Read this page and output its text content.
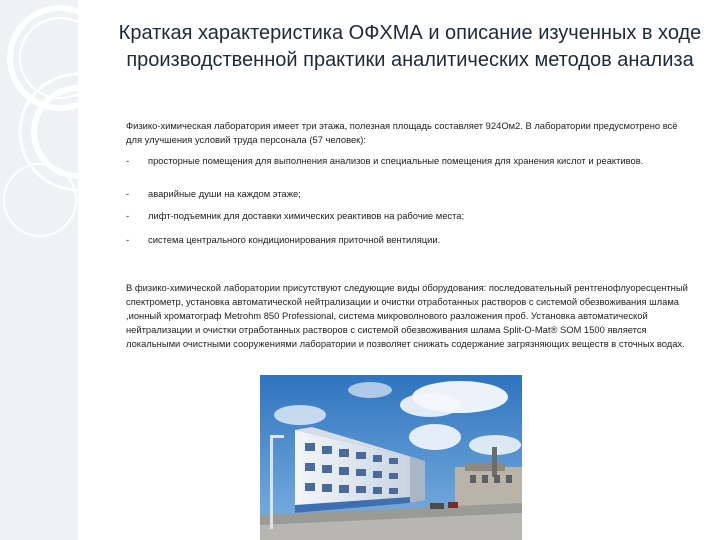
Краткая характеристика ОФХМА и описание изученных в ходе производственной практики аналитических методов анализа

Физико-химическая лаборатория имеет три этажа, полезная площадь составляет 924Ом2. В лаборатории предусмотрено всё для улучшения условий труда персонала (57 человек):

- просторные помещения для выполнения анализов и специальные помещения для хранения кислот и реактивов.
- аварийные души на каждом этаже;
- лифт-подъемник для доставки химических реактивов на рабочие места;
- система центрального кондиционирования приточной вентиляции.

В физико-химической лаборатории присутствуют следующие виды оборудования: последовательный рентгенофлуоресцентный спектрометр, установка автоматической нейтрализации и очистки отработанных растворов с системой обезвоживания шлама ,ионный хроматограф Metrohm 850 Professional, система микроволнового разложения проб. Установка автоматической нейтрализации и очистки отработанных растворов с системой обезвоживания шлама Split-O-Mat® SOM 1500 является локальными очистными сооружениями лаборатории и позволяет снижать содержание загрязняющих веществ в сточных водах.
